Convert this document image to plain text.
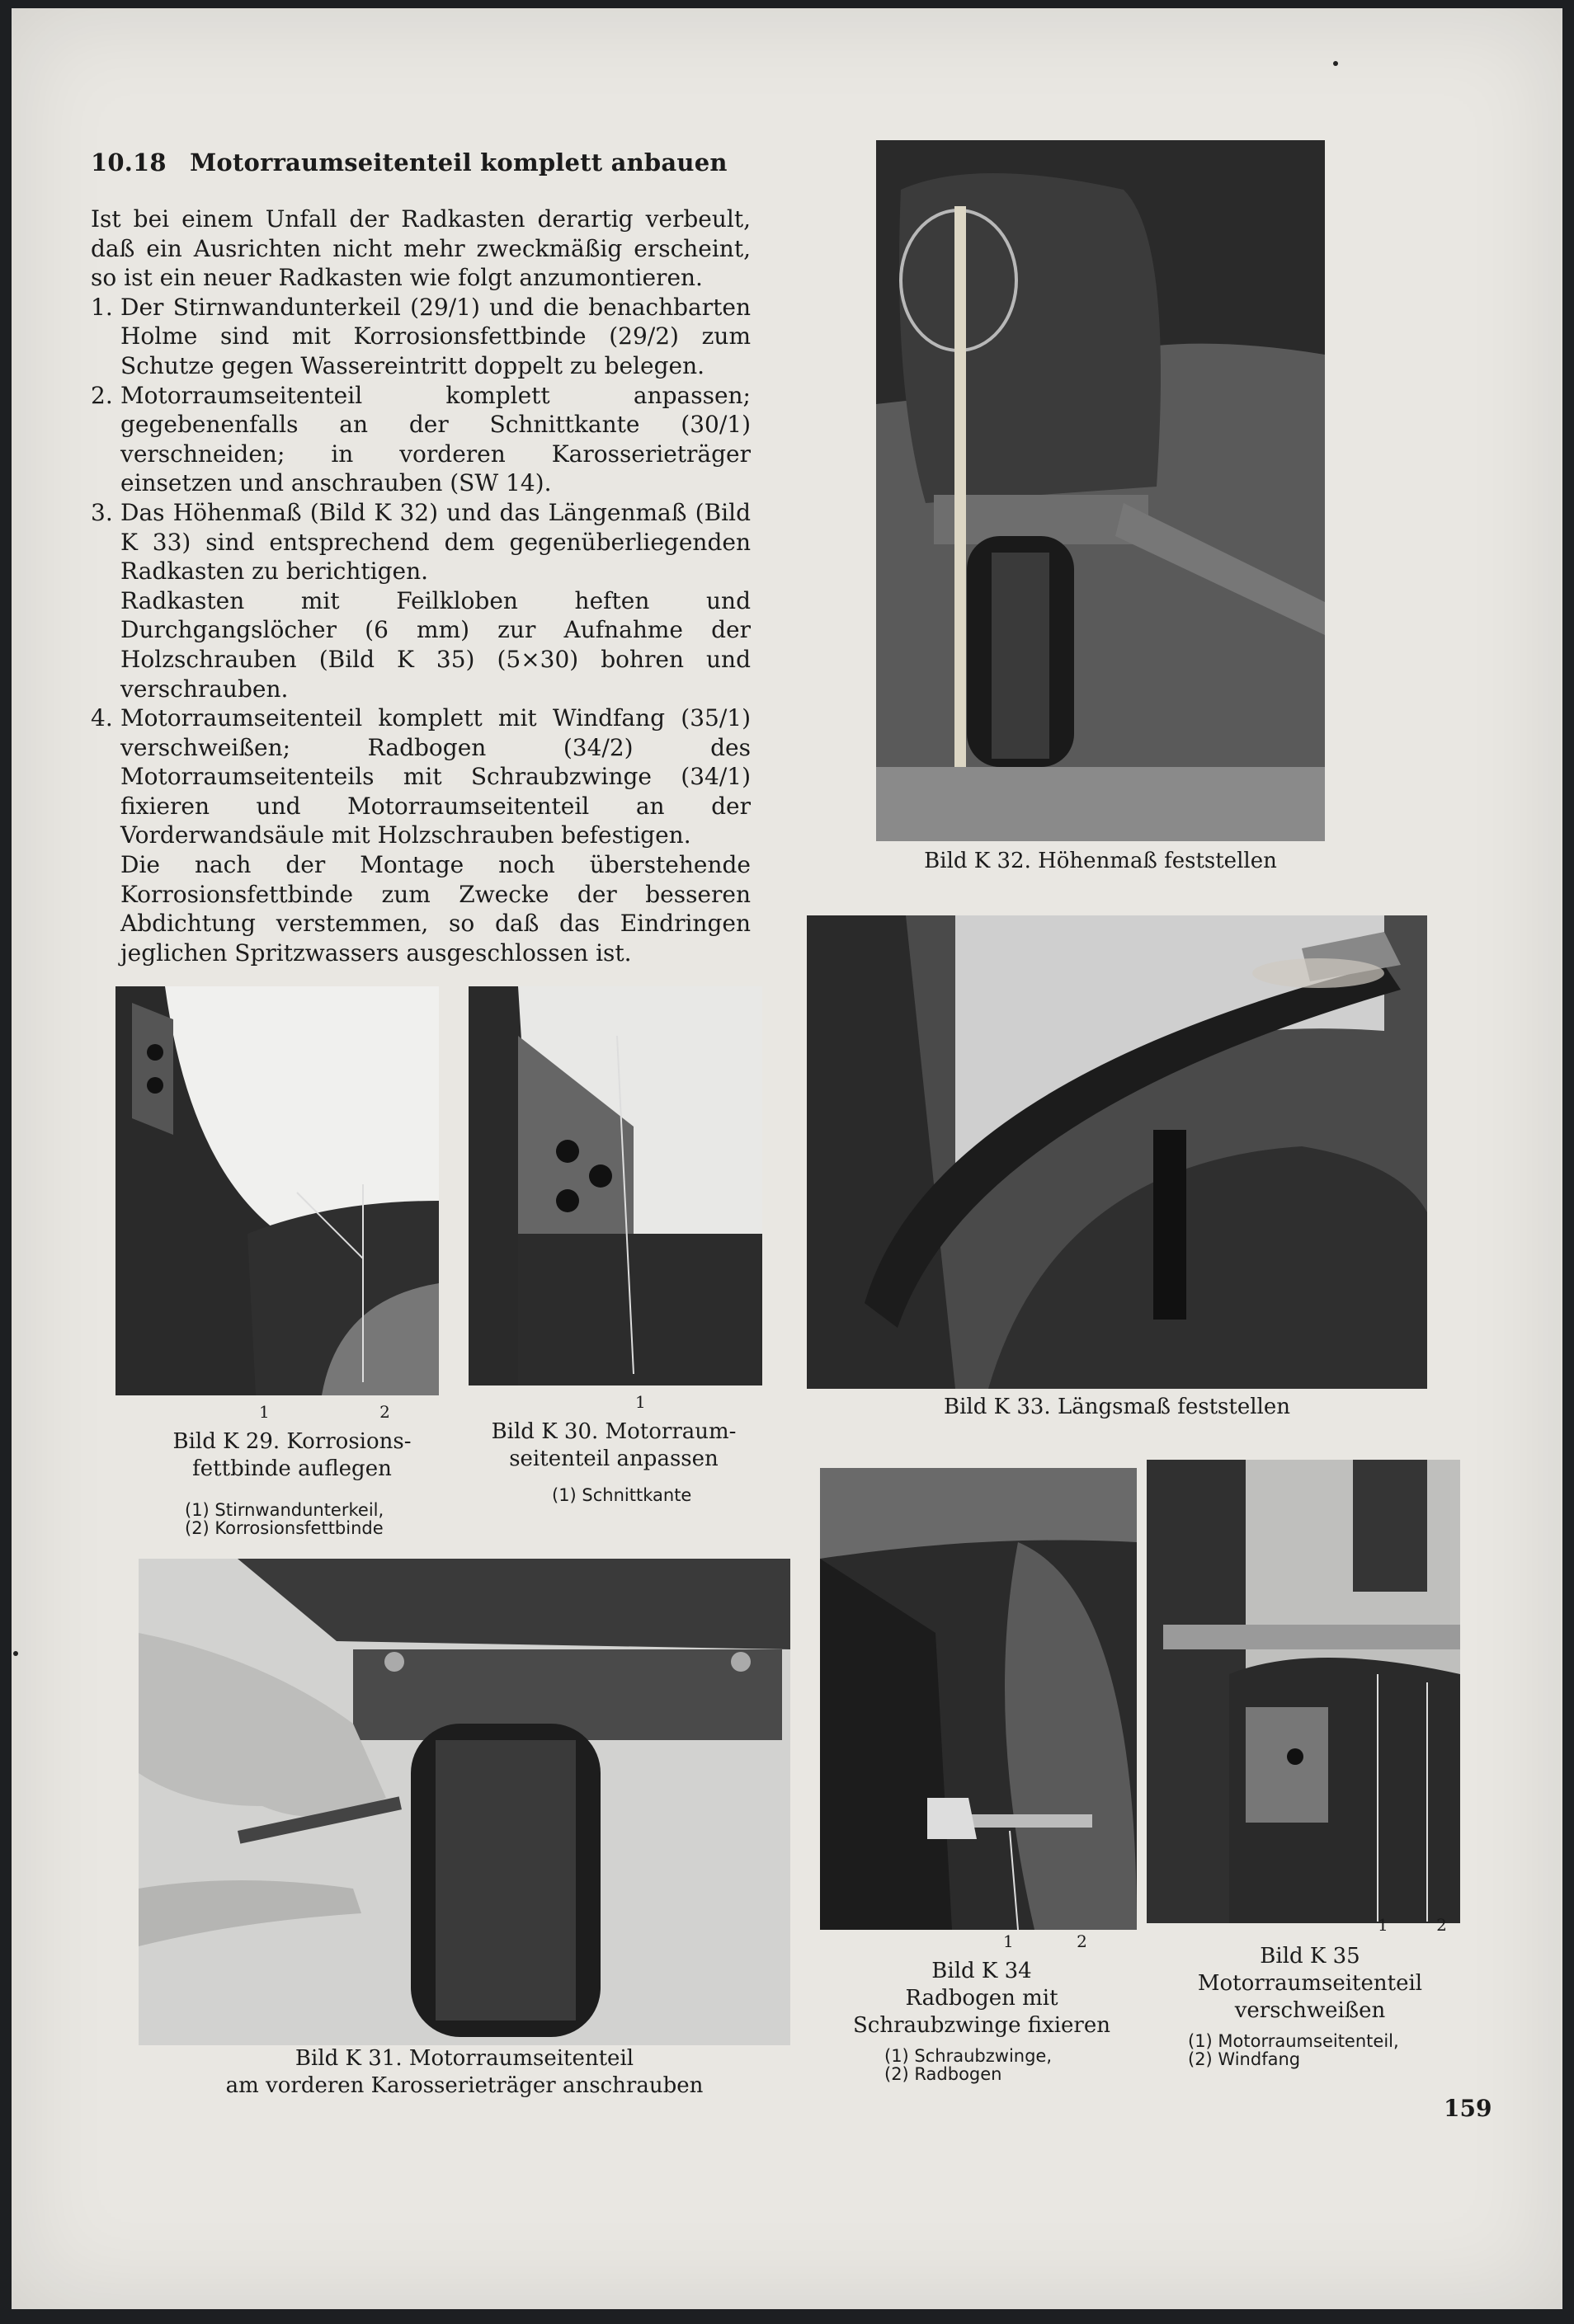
10.18 Motorraumseitenteil komplett anbauen

Ist bei einem Unfall der Radkasten derartig verbeult, daß ein Ausrichten nicht mehr zweckmäßig erscheint, so ist ein neuer Radkasten wie folgt anzumontieren.

1. Der Stirnwandunterkeil (29/1) und die benachbarten Holme sind mit Korrosionsfettbinde (29/2) zum Schutze gegen Wassereintritt doppelt zu belegen.
2. Motorraumseitenteil komplett anpassen; gegebenenfalls an der Schnittkante (30/1) verschneiden; in vorderen Karosserieträger einsetzen und anschrauben (SW 14).
3. Das Höhenmaß (Bild K 32) und das Längenmaß (Bild K 33) sind entsprechend dem gegenüberliegenden Radkasten zu berichtigen.

Radkasten mit Feilkloben heften und Durchgangslöcher (6 mm) zur Aufnahme der Holzschrauben (Bild K 35) (5×30) bohren und verschrauben.

4. Motorraumseitenteil komplett mit Windfang (35/1) verschweißen; Radbogen (34/2) des Motorraumseitenteils mit Schraubzwinge (34/1) fixieren und Motorraumseitenteil an der Vorderwandsäule mit Holzschrauben befestigen.

Die nach der Montage noch überstehende Korrosionsfettbinde zum Zwecke der besseren Abdichtung verstemmen, so daß das Eindringen jeglichen Spritzwassers ausgeschlossen ist.

Bild K 32. Höhenmaß feststellen
Bild K 33. Längsmaß feststellen
1	2
Bild K 29. Korrosions-
fettbinde auflegen
(1) Stirnwandunterkeil,
(2) Korrosionsfettbinde
1
Bild K 30. Motorraum-
seitenteil anpassen
(1) Schnittkante
Bild K 31. Motorraumseitenteil
am vorderen Karosserieträger anschrauben
1	2
Bild K 34
Radbogen mit
Schraubzwinge fixieren
(1) Schraubzwinge,
(2) Radbogen
1	2
Bild K 35
Motorraumseitenteil
verschweißen
(1) Motorraumseitenteil,
(2) Windfang
159
